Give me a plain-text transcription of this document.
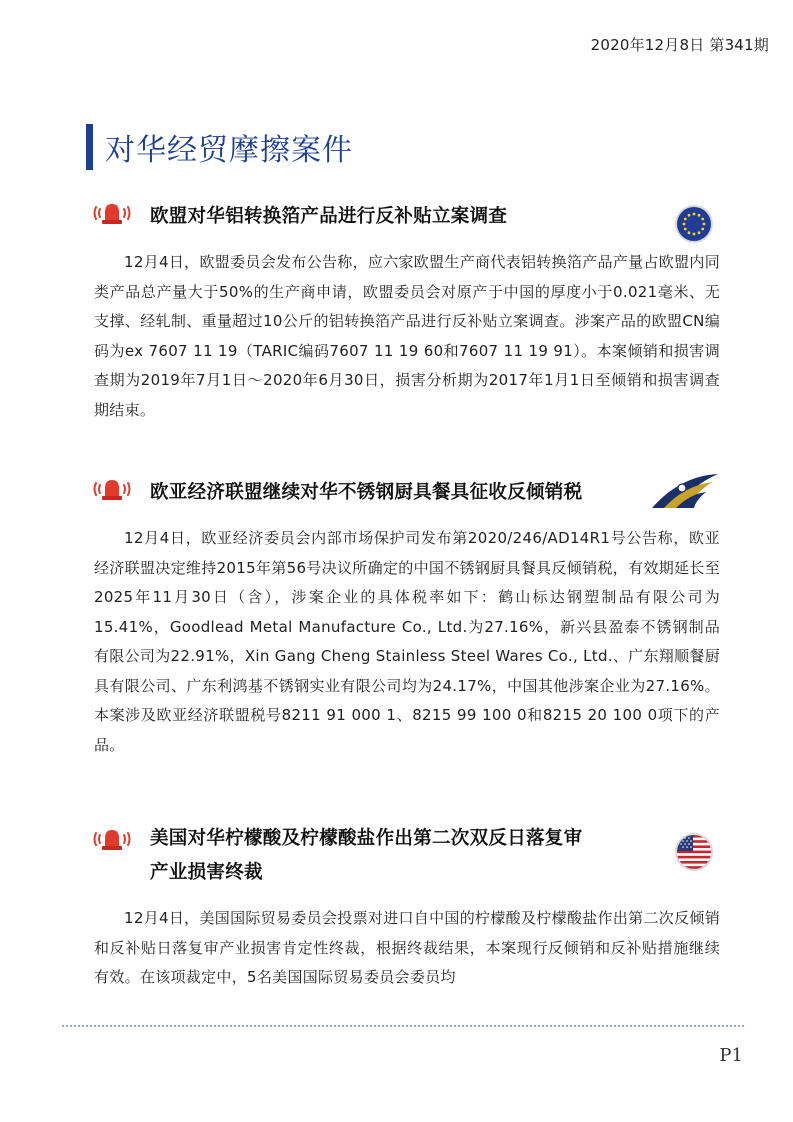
2020年12月8日 第341期
对华经贸摩擦案件
欧盟对华铝转换箔产品进行反补贴立案调查
12月4日，欧盟委员会发布公告称，应六家欧盟生产商代表铝转换箔产品产量占欧盟内同类产品总产量大于50%的生产商申请，欧盟委员会对原产于中国的厚度小于0.021毫米、无支撑、经轧制、重量超过10公斤的铝转换箔产品进行反补贴立案调查。涉案产品的欧盟CN编码为ex 7607 11 19（TARIC编码7607 11 19 60和7607 11 19 91）。本案倾销和损害调查期为2019年7月1日～2020年6月30日，损害分析期为2017年1月1日至倾销和损害调查期结束。
欧亚经济联盟继续对华不锈钢厨具餐具征收反倾销税
12月4日，欧亚经济委员会内部市场保护司发布第2020/246/AD14R1号公告称，欧亚经济联盟决定维持2015年第56号决议所确定的中国不锈钢厨具餐具反倾销税，有效期延长至2025年11月30日（含），涉案企业的具体税率如下：鹤山标达钢塑制品有限公司为15.41%，Goodlead Metal Manufacture Co., Ltd.为27.16%，新兴县盈泰不锈钢制品有限公司为22.91%，Xin Gang Cheng Stainless Steel Wares Co., Ltd.、广东翔顺餐厨具有限公司、广东利鸿基不锈钢实业有限公司均为24.17%，中国其他涉案企业为27.16%。本案涉及欧亚经济联盟税号8211 91 000 1、8215 99 100 0和8215 20 100 0项下的产品。
美国对华柠檬酸及柠檬酸盐作出第二次双反日落复审
产业损害终裁
12月4日，美国国际贸易委员会投票对进口自中国的柠檬酸及柠檬酸盐作出第二次反倾销和反补贴日落复审产业损害肯定性终裁，根据终裁结果，本案现行反倾销和反补贴措施继续有效。在该项裁定中，5名美国国际贸易委员会委员均
P1
